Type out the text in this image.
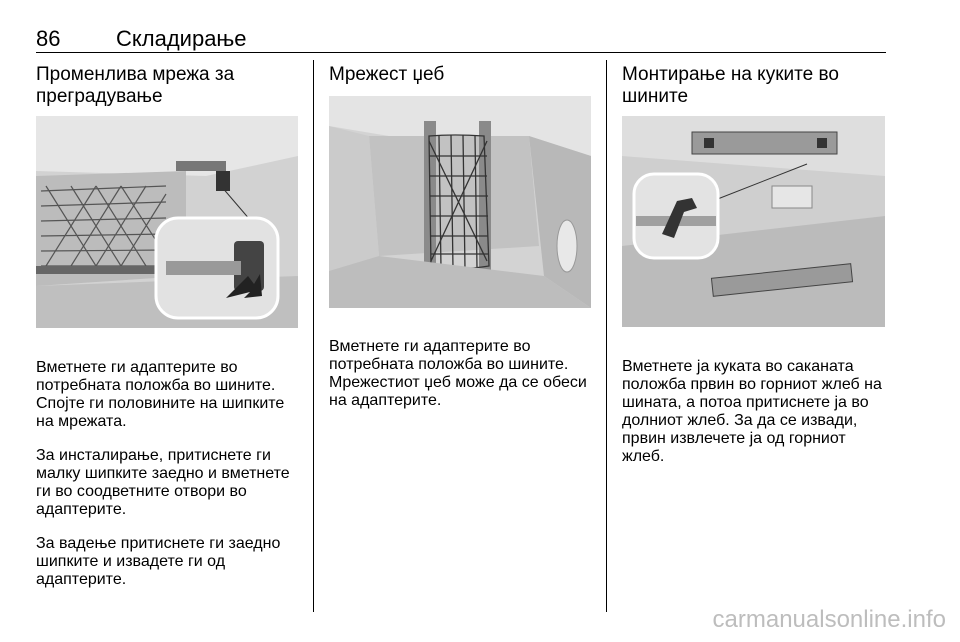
86	Складирање
Променлива мрежа за преградување

Вметнете ги адаптерите во потребната положба во шините. Спојте ги половините на шипките на мрежата.

За инсталирање, притиснете ги малку шипките заедно и вметнете ги во соодветните отвори во адаптерите.

За вадење притиснете ги заедно шипките и извадете ги од адаптерите.

Мрежест џеб

Вметнете ги адаптерите во потребната положба во шините. Мрежестиот џеб може да се обеси на адаптерите.

Монтирање на куките во шините

Вметнете ја куката во саканата положба првин во горниот жлеб на шината, а потоа притиснете ја во долниот жлеб. За да се извади, првин извлечете ја од горниот жлеб.

carmanualsonline.info
